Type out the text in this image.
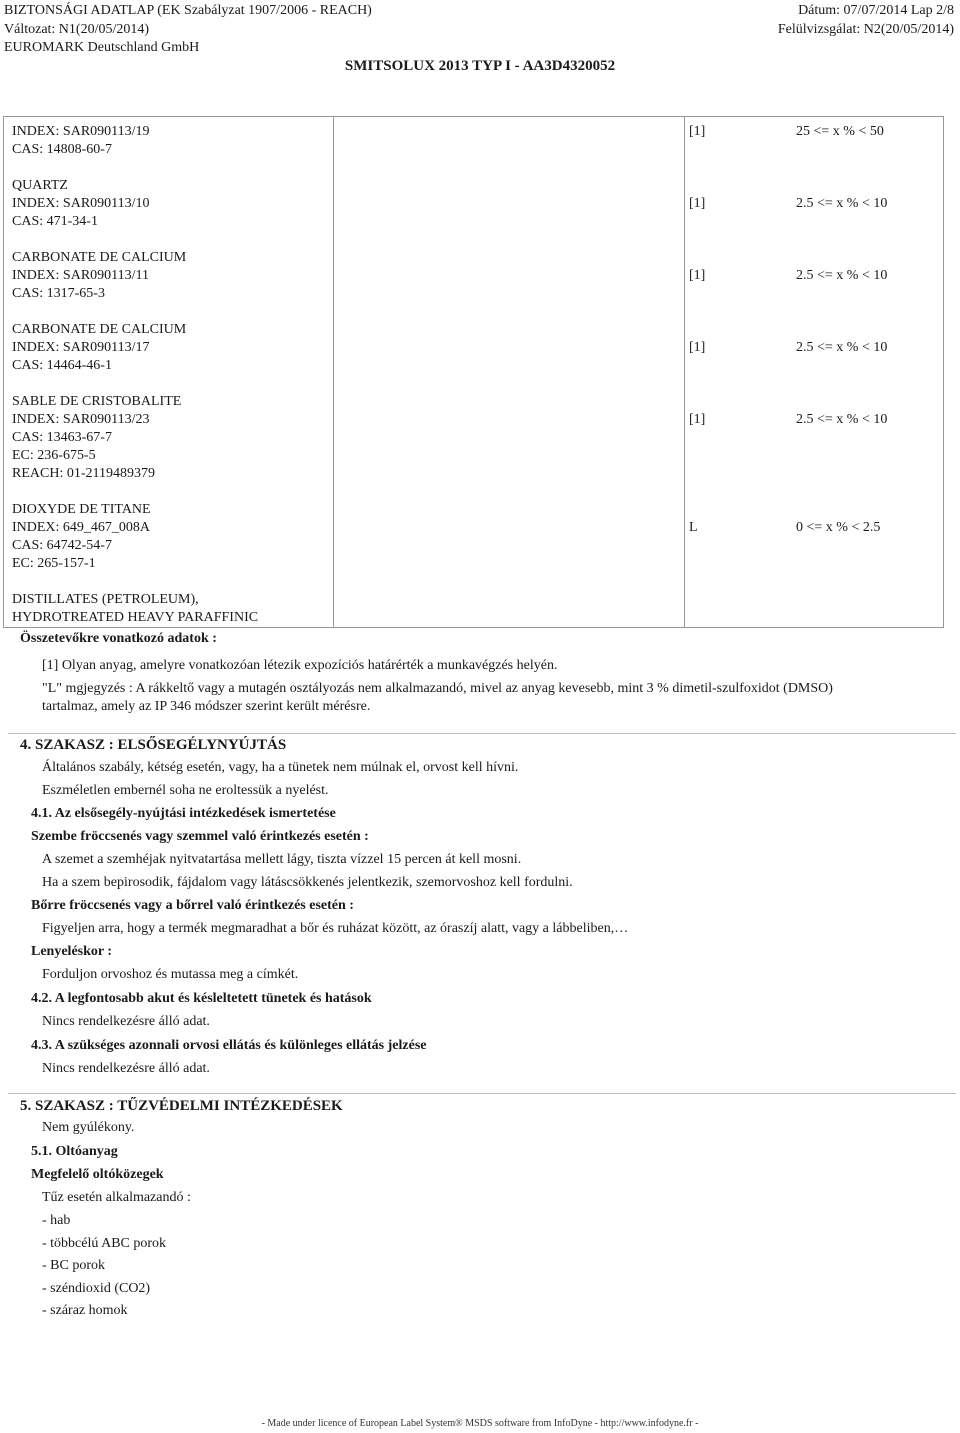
BIZTONSÁGI ADATLAP (EK Szabályzat 1907/2006 - REACH)
Változat: N1(20/05/2014)
EUROMARK Deutschland GmbH
Dátum: 07/07/2014 Lap 2/8
Felülvizsgálat: N2(20/05/2014)
SMITSOLUX 2013 TYP I - AA3D4320052
INDEX: SAR090113/19
CAS: 14808-60-7
[1]	25 <= x % < 50
QUARTZ
INDEX: SAR090113/10
CAS: 471-34-1
[1]	2.5 <= x % < 10
CARBONATE DE CALCIUM
INDEX: SAR090113/11
CAS: 1317-65-3
[1]	2.5 <= x % < 10
CARBONATE DE CALCIUM
INDEX: SAR090113/17
CAS: 14464-46-1
[1]	2.5 <= x % < 10
SABLE DE CRISTOBALITE
INDEX: SAR090113/23
CAS: 13463-67-7
EC: 236-675-5
REACH: 01-2119489379
[1]	2.5 <= x % < 10
DIOXYDE DE TITANE
INDEX: 649_467_008A
CAS: 64742-54-7
EC: 265-157-1
L	0 <= x % < 2.5
DISTILLATES (PETROLEUM),
HYDROTREATED HEAVY PARAFFINIC
Összetevőkre vonatkozó adatok :
[1] Olyan anyag, amelyre vonatkozóan létezik expozíciós határérték a munkavégzés helyén.
"L" mgjegyzés : A rákkeltő vagy a mutagén osztályozás nem alkalmazandó, mivel az anyag kevesebb, mint 3 % dimetil-szulfoxidot (DMSO)
tartalmaz, amely az IP 346 módszer szerint került mérésre.
4. SZAKASZ : ELSŐSEGÉLYNYÚJTÁS
Általános szabály, kétség esetén, vagy, ha a tünetek nem múlnak el, orvost kell hívni.
Eszméletlen embernél soha ne eroltessük a nyelést.
4.1. Az elsősegély-nyújtási intézkedések ismertetése
Szembe fröccsenés vagy szemmel való érintkezés esetén :
A szemet a szemhéjak nyitvatartása mellett lágy, tiszta vízzel 15 percen át kell mosni.
Ha a szem bepirosodik, fájdalom vagy látáscsökkenés jelentkezik, szemorvoshoz kell fordulni.
Bőrre fröccsenés vagy a bőrrel való érintkezés esetén :
Figyeljen arra, hogy a termék megmaradhat a bőr és ruházat között, az óraszíj alatt, vagy a lábbeliben,…
Lenyeléskor :
Forduljon orvoshoz és mutassa meg a címkét.
4.2. A legfontosabb akut és késleltetett tünetek és hatások
Nincs rendelkezésre álló adat.
4.3. A szükséges azonnali orvosi ellátás és különleges ellátás jelzése
Nincs rendelkezésre álló adat.
5. SZAKASZ : TŰZVÉDELMI INTÉZKEDÉSEK
Nem gyúlékony.
5.1. Oltóanyag
Megfelelő oltóközegek
Tűz esetén alkalmazandó :
- hab
- többcélú ABC porok
- BC porok
- széndioxid (CO2)
- száraz homok
- Made under licence of European Label System® MSDS software from InfoDyne - http://www.infodyne.fr -
